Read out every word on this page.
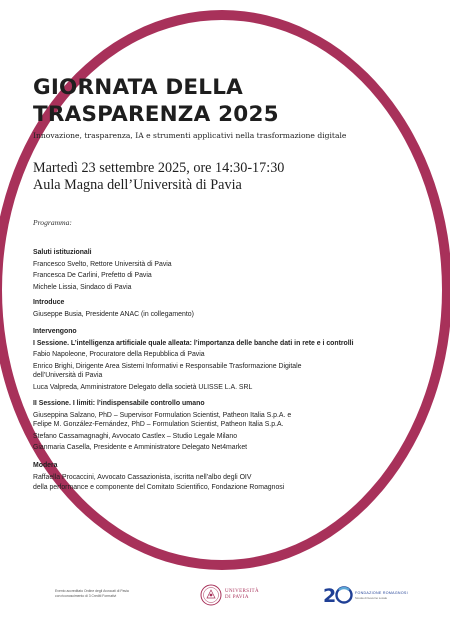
GIORNATA DELLA
TRASPARENZA 2025
Innovazione, trasparenza, IA e strumenti applicativi nella trasformazione digitale
Martedì 23 settembre 2025, ore 14:30-17:30
Aula Magna dell’Università di Pavia
Programma:
Saluti istituzionali
Francesco Svelto, Rettore Università di Pavia
Francesca De Carlini, Prefetto di Pavia
Michele Lissia, Sindaco di Pavia
Introduce
Giuseppe Busia, Presidente ANAC (in collegamento)
Intervengono
I Sessione. L’intelligenza artificiale quale alleata: l’importanza delle banche dati in rete e i controlli
Fabio Napoleone, Procuratore della Repubblica di Pavia
Enrico Brighi, Dirigente Area Sistemi Informativi e Responsabile Trasformazione Digitale
dell’Università di Pavia
Luca Valpreda, Amministratore Delegato della società ULISSE L.A. SRL
II Sessione. I limiti: l’indispensabile controllo umano
Giuseppina Salzano, PhD – Supervisor Formulation Scientist, Patheon Italia S.p.A. e
Felipe M. González-Fernández, PhD – Formulation Scientist, Patheon Italia S.p.A.
Stefano Cassamagnaghi, Avvocato Castlex – Studio Legale Milano
Gianmaria Casella, Presidente e Amministratore Delegato Net4market
Modera
Raffaella Procaccini, Avvocato Cassazionista, iscritta nell’albo degli OIV
della performance e componente del Comitato Scientifico, Fondazione Romagnosi
Evento accreditato Ordine degli Avvocati di Pavia
con riconoscimento di 3 Crediti Formativi
UNIVERSITÀ
DI PAVIA	2	FONDAZIONE ROMAGNOSI
Scuola di Governo Locale
